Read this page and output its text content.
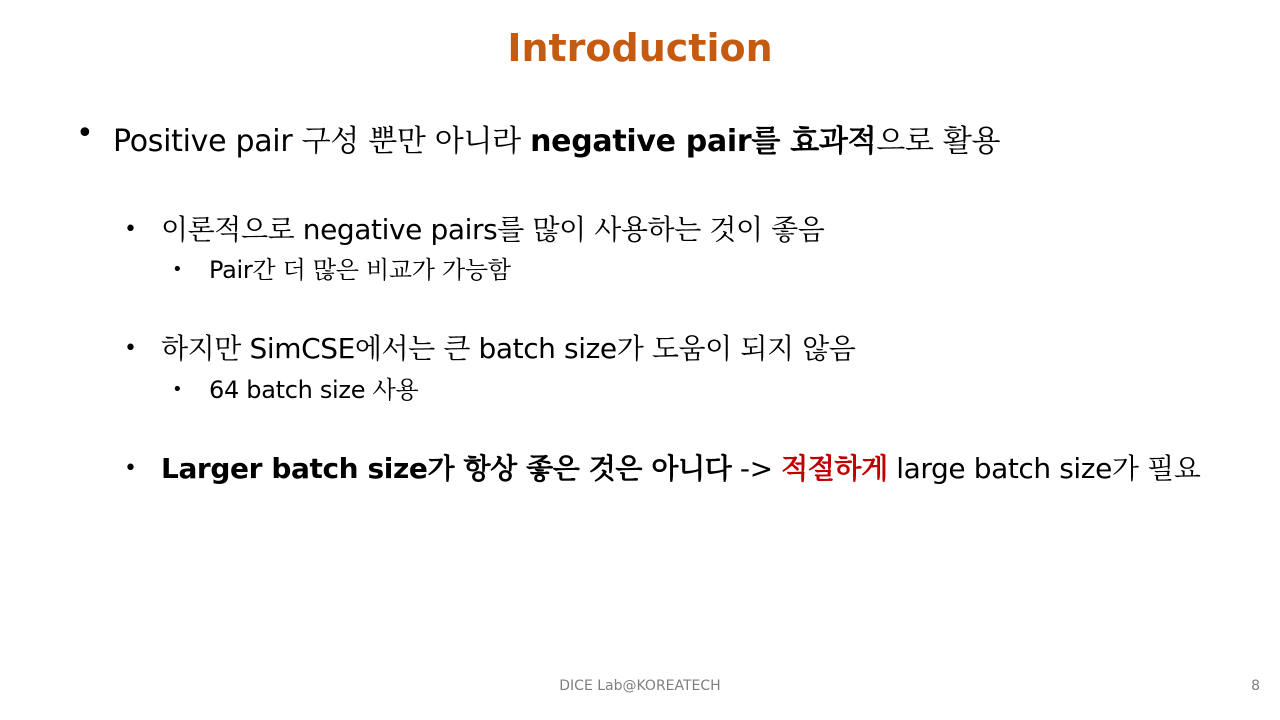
Introduction
• Positive pair 구성 뿐만 아니라 negative pair를 효과적으로 활용
• 이론적으로 negative pairs를 많이 사용하는 것이 좋음
• Pair간 더 많은 비교가 가능함
• 하지만 SimCSE에서는 큰 batch size가 도움이 되지 않음
• 64 batch size 사용
• Larger batch size가 항상 좋은 것은 아니다 -> 적절하게 large batch size가 필요
DICE Lab@KOREATECH	8
